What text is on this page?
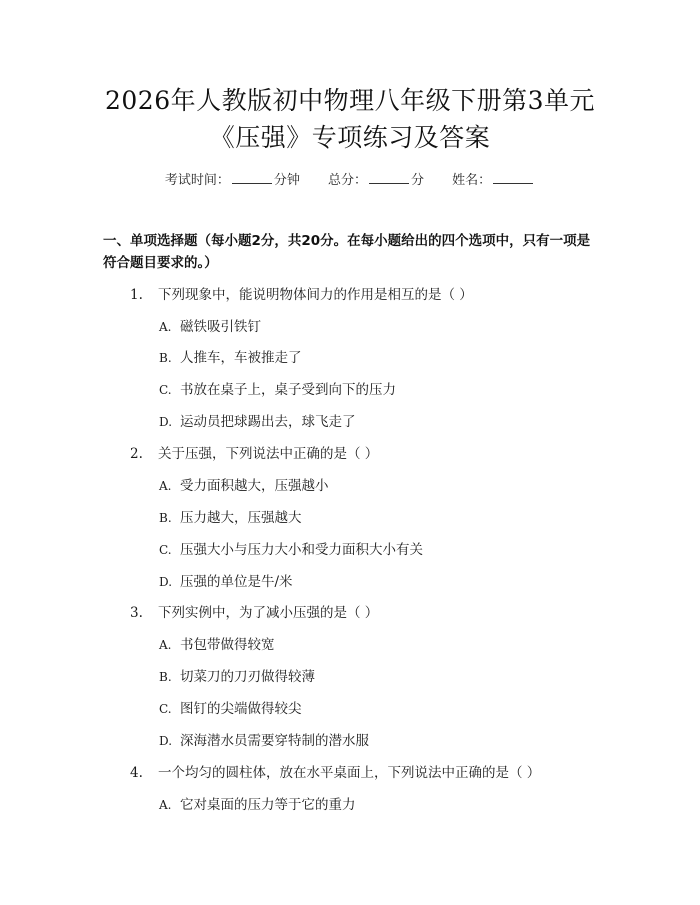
2026年人教版初中物理八年级下册第3单元
《压强》专项练习及答案
考试时间：	分钟 总分：	分 姓名：
一、单项选择题（每小题2分，共20分。在每小题给出的四个选项中，只有一项是符合题目要求的。）
1. 下列现象中，能说明物体间力的作用是相互的是（ ）
A. 磁铁吸引铁钉
B. 人推车，车被推走了
C. 书放在桌子上，桌子受到向下的压力
D. 运动员把球踢出去，球飞走了
2. 关于压强，下列说法中正确的是（ ）
A. 受力面积越大，压强越小
B. 压力越大，压强越大
C. 压强大小与压力大小和受力面积大小有关
D. 压强的单位是牛/米
3. 下列实例中，为了减小压强的是（ ）
A. 书包带做得较宽
B. 切菜刀的刀刃做得较薄
C. 图钉的尖端做得较尖
D. 深海潜水员需要穿特制的潜水服
4. 一个均匀的圆柱体，放在水平桌面上，下列说法中正确的是（ ）
A. 它对桌面的压力等于它的重力
